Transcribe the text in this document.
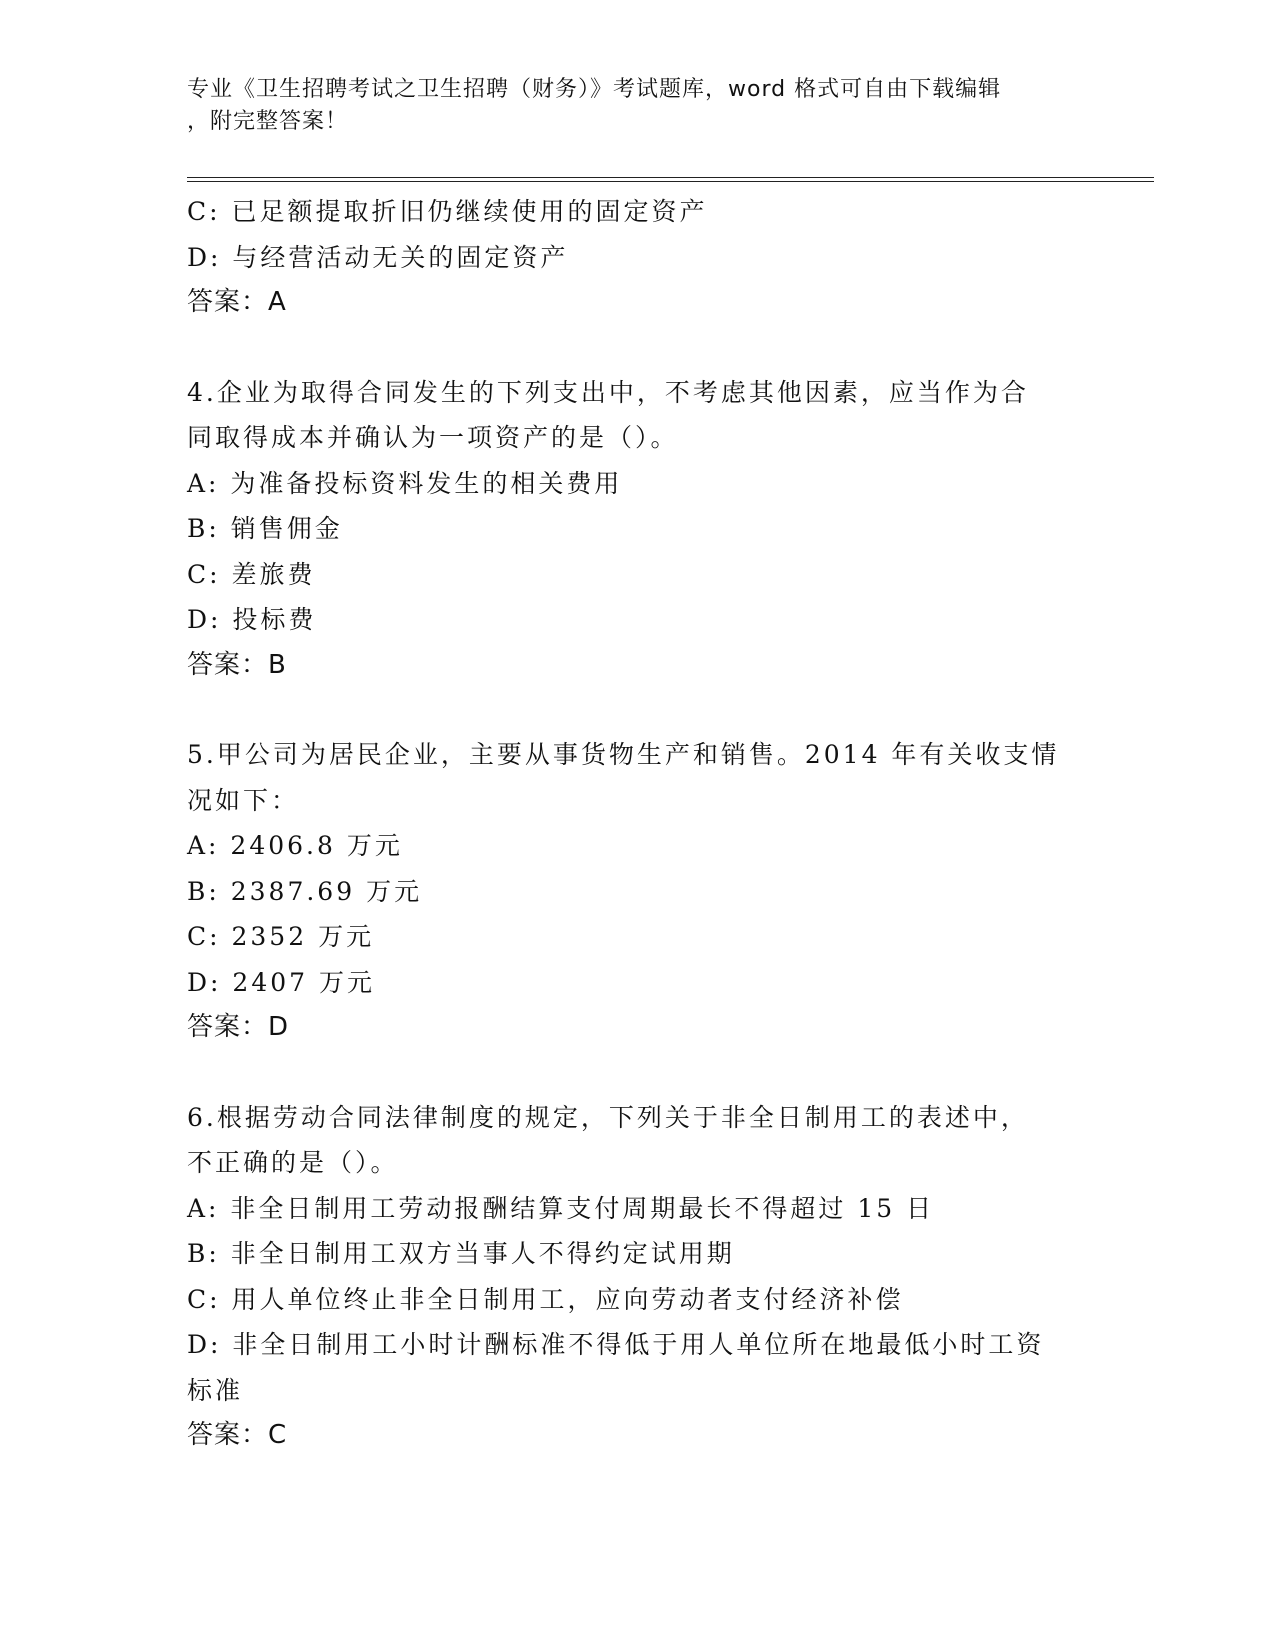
专业《卫生招聘考试之卫生招聘（财务）》考试题库，word 格式可自由下载编辑
，附完整答案！
C: 已足额提取折旧仍继续使用的固定资产
D: 与经营活动无关的固定资产
答案：A
4.企业为取得合同发生的下列支出中，不考虑其他因素，应当作为合
同取得成本并确认为一项资产的是（）。
A: 为准备投标资料发生的相关费用
B: 销售佣金
C: 差旅费
D: 投标费
答案：B
5.甲公司为居民企业，主要从事货物生产和销售。2014 年有关收支情
况如下：
A: 2406.8 万元
B: 2387.69 万元
C: 2352 万元
D: 2407 万元
答案：D
6.根据劳动合同法律制度的规定，下列关于非全日制用工的表述中，
不正确的是（）。
A: 非全日制用工劳动报酬结算支付周期最长不得超过 15 日
B: 非全日制用工双方当事人不得约定试用期
C: 用人单位终止非全日制用工，应向劳动者支付经济补偿
D: 非全日制用工小时计酬标准不得低于用人单位所在地最低小时工资
标准
答案：C
